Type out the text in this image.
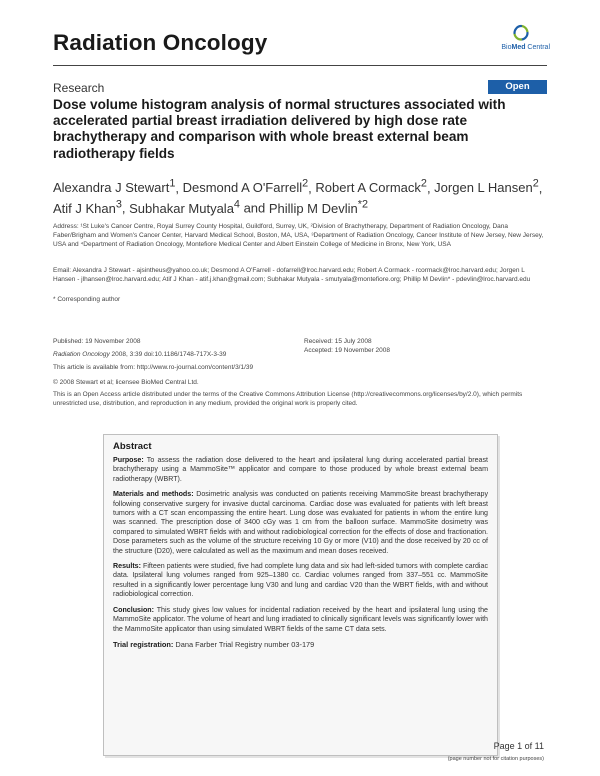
Radiation Oncology	BioMed Central
Research	Open Access
Dose volume histogram analysis of normal structures associated with accelerated partial breast irradiation delivered by high dose rate brachytherapy and comparison with whole breast external beam radiotherapy fields

Alexandra J Stewart$^1$, Desmond A O'Farrell$^2$, Robert A Cormack$^2$, Jorgen L Hansen$^2$, Atif J Khan$^3$, Subhakar Mutyala$^4$ and Phillip M Devlin$^{*2}$

Address: ¹St Luke's Cancer Centre, Royal Surrey County Hospital, Guildford, Surrey, UK, ²Division of Brachytherapy, Department of Radiation Oncology, Dana Faber/Brigham and Women's Cancer Center, Harvard Medical School, Boston, MA, USA, ³Department of Radiation Oncology, Cancer Institute of New Jersey, New Jersey, USA and ⁴Department of Radiation Oncology, Montefiore Medical Center and Albert Einstein College of Medicine in Bronx, New York, USA

Email: Alexandra J Stewart - ajsintheus@yahoo.co.uk; Desmond A O'Farrell - dofarrell@lroc.harvard.edu; Robert A Cormack - rcormack@lroc.harvard.edu; Jorgen L Hansen - jlhansen@lroc.harvard.edu; Atif J Khan - atif.j.khan@gmail.com; Subhakar Mutyala - smutyala@montefiore.org; Phillip M Devlin* - pdevlin@lroc.harvard.edu

* Corresponding author

Published: 19 November 2008
Radiation Oncology 2008, 3:39 doi:10.1186/1748-717X-3-39
This article is available from: http://www.ro-journal.com/content/3/1/39
Received: 15 July 2008
Accepted: 19 November 2008
© 2008 Stewart et al; licensee BioMed Central Ltd.
This is an Open Access article distributed under the terms of the Creative Commons Attribution License (http://creativecommons.org/licenses/by/2.0), which permits unrestricted use, distribution, and reproduction in any medium, provided the original work is properly cited.
Abstract

Purpose: To assess the radiation dose delivered to the heart and ipsilateral lung during accelerated partial breast brachytherapy using a MammoSite™ applicator and compare to those produced by whole breast external beam radiotherapy (WBRT).

Materials and methods: Dosimetric analysis was conducted on patients receiving MammoSite breast brachytherapy following conservative surgery for invasive ductal carcinoma. Cardiac dose was evaluated for patients with left breast tumors with a CT scan encompassing the entire heart. Lung dose was evaluated for patients in whom the entire lung was scanned. The prescription dose of 3400 cGy was 1 cm from the balloon surface. MammoSite dosimetry was compared to simulated WBRT fields with and without radiobiological correction for the effects of dose and fractionation. Dose parameters such as the volume of the structure receiving 10 Gy or more (V10) and the dose received by 20 cc of the structure (D20), were calculated as well as the maximum and mean doses received.

Results: Fifteen patients were studied, five had complete lung data and six had left-sided tumors with complete cardiac data. Ipsilateral lung volumes ranged from 925–1380 cc. Cardiac volumes ranged from 337–551 cc. MammoSite resulted in a significantly lower percentage lung V30 and lung and cardiac V20 than the WBRT fields, with and without radiobiological correction.

Conclusion: This study gives low values for incidental radiation received by the heart and ipsilateral lung using the MammoSite applicator. The volume of heart and lung irradiated to clinically significant levels was significantly lower with the MammoSite applicator than using simulated WBRT fields of the same CT data sets.

Trial registration: Dana Farber Trial Registry number 03-179

Page 1 of 11
(page number not for citation purposes)
